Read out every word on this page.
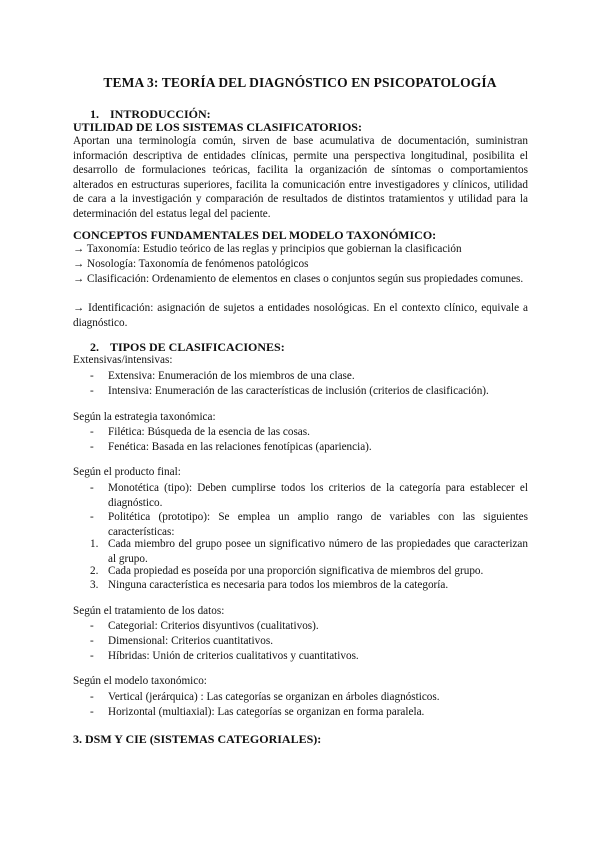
TEMA 3: TEORÍA DEL DIAGNÓSTICO EN PSICOPATOLOGÍA
1. INTRODUCCIÓN:
UTILIDAD DE LOS SISTEMAS CLASIFICATORIOS:
Aportan una terminología común, sirven de base acumulativa de documentación, suministran información descriptiva de entidades clínicas, permite una perspectiva longitudinal, posibilita el desarrollo de formulaciones teóricas, facilita la organización de síntomas o comportamientos alterados en estructuras superiores, facilita la comunicación entre investigadores y clínicos, utilidad de cara a la investigación y comparación de resultados de distintos tratamientos y utilidad para la determinación del estatus legal del paciente.
CONCEPTOS FUNDAMENTALES DEL MODELO TAXONÓMICO:
→ Taxonomía: Estudio teórico de las reglas y principios que gobiernan la clasificación
→ Nosología: Taxonomía de fenómenos patológicos
→ Clasificación: Ordenamiento de elementos en clases o conjuntos según sus propiedades comunes.
→ Identificación: asignación de sujetos a entidades nosológicas. En el contexto clínico, equivale a diagnóstico.
2. TIPOS DE CLASIFICACIONES:
Extensivas/intensivas:
-	Extensiva: Enumeración de los miembros de una clase.
-	Intensiva: Enumeración de las características de inclusión (criterios de clasificación).
Según la estrategia taxonómica:
-	Filética: Búsqueda de la esencia de las cosas.
-	Fenética: Basada en las relaciones fenotípicas (apariencia).
Según el producto final:
-	Monotética (tipo): Deben cumplirse todos los criterios de la categoría para establecer el diagnóstico.
-	Politética (prototipo): Se emplea un amplio rango de variables con las siguientes características:
1. Cada miembro del grupo posee un significativo número de las propiedades que caracterizan al grupo.
2. Cada propiedad es poseída por una proporción significativa de miembros del grupo.
3. Ninguna característica es necesaria para todos los miembros de la categoría.
Según el tratamiento de los datos:
-	Categorial: Criterios disyuntivos (cualitativos).
-	Dimensional: Criterios cuantitativos.
-	Híbridas: Unión de criterios cualitativos y cuantitativos.
Según el modelo taxonómico:
-	Vertical (jerárquica) : Las categorías se organizan en árboles diagnósticos.
-	Horizontal (multiaxial): Las categorías se organizan en forma paralela.
3. DSM Y CIE (SISTEMAS CATEGORIALES):
